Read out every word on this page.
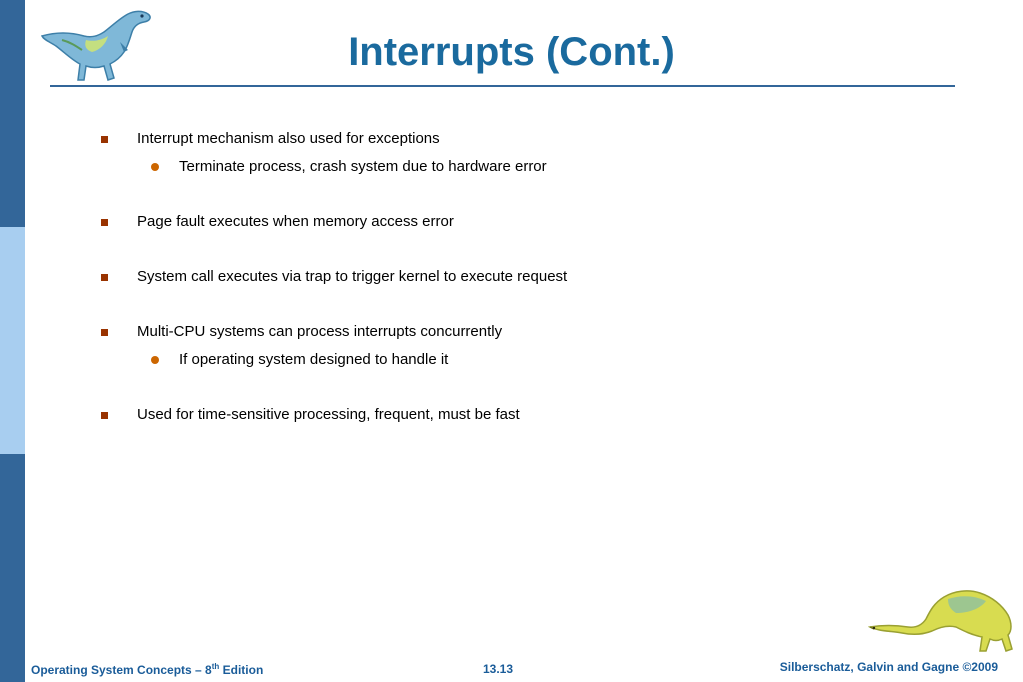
Interrupts (Cont.)
Interrupt mechanism also used for exceptions
Terminate process, crash system due to hardware error
Page fault executes when memory access error
System call executes via trap to trigger kernel to execute request
Multi-CPU systems can process interrupts concurrently
If operating system designed to handle it
Used for time-sensitive processing, frequent, must be fast
Operating System Concepts – 8th Edition	13.13	Silberschatz, Galvin and Gagne ©2009
